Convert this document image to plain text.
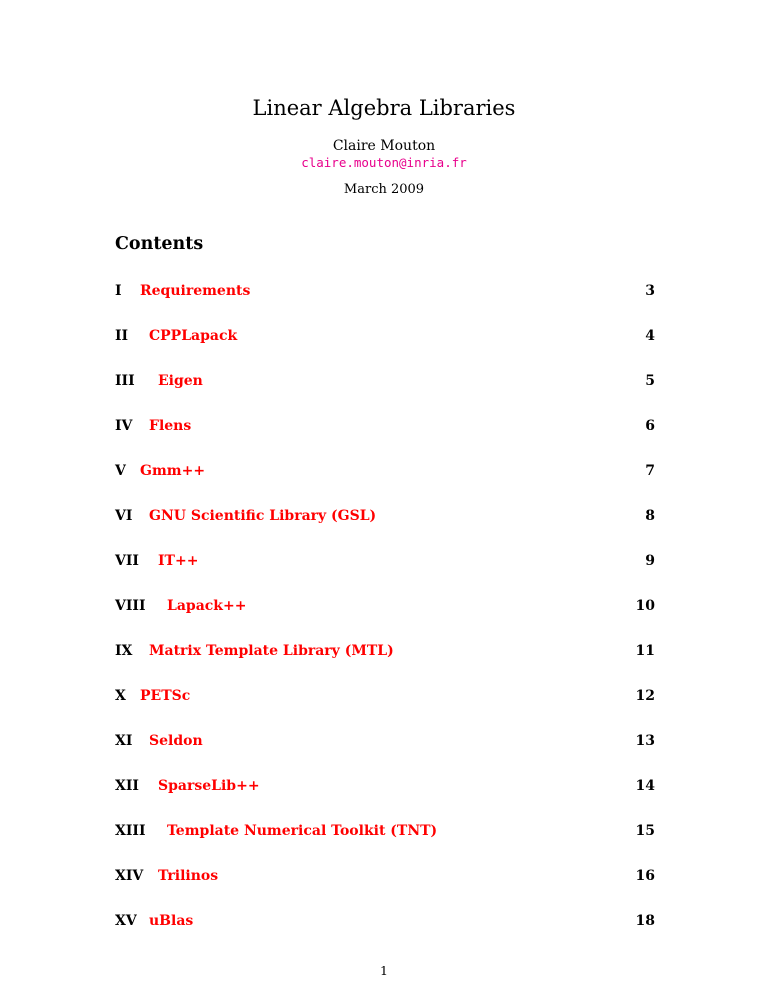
Linear Algebra Libraries
Claire Mouton
claire.mouton@inria.fr
March 2009
Contents
I Requirements	3
II CPPLapack	4
III Eigen	5
IV Flens	6
V Gmm++	7
VI GNU Scientific Library (GSL)	8
VII IT++	9
VIII Lapack++	10
IX Matrix Template Library (MTL)	11
X PETSc	12
XI Seldon	13
XII SparseLib++	14
XIII Template Numerical Toolkit (TNT)	15
XIV Trilinos	16
XV uBlas	18
1
